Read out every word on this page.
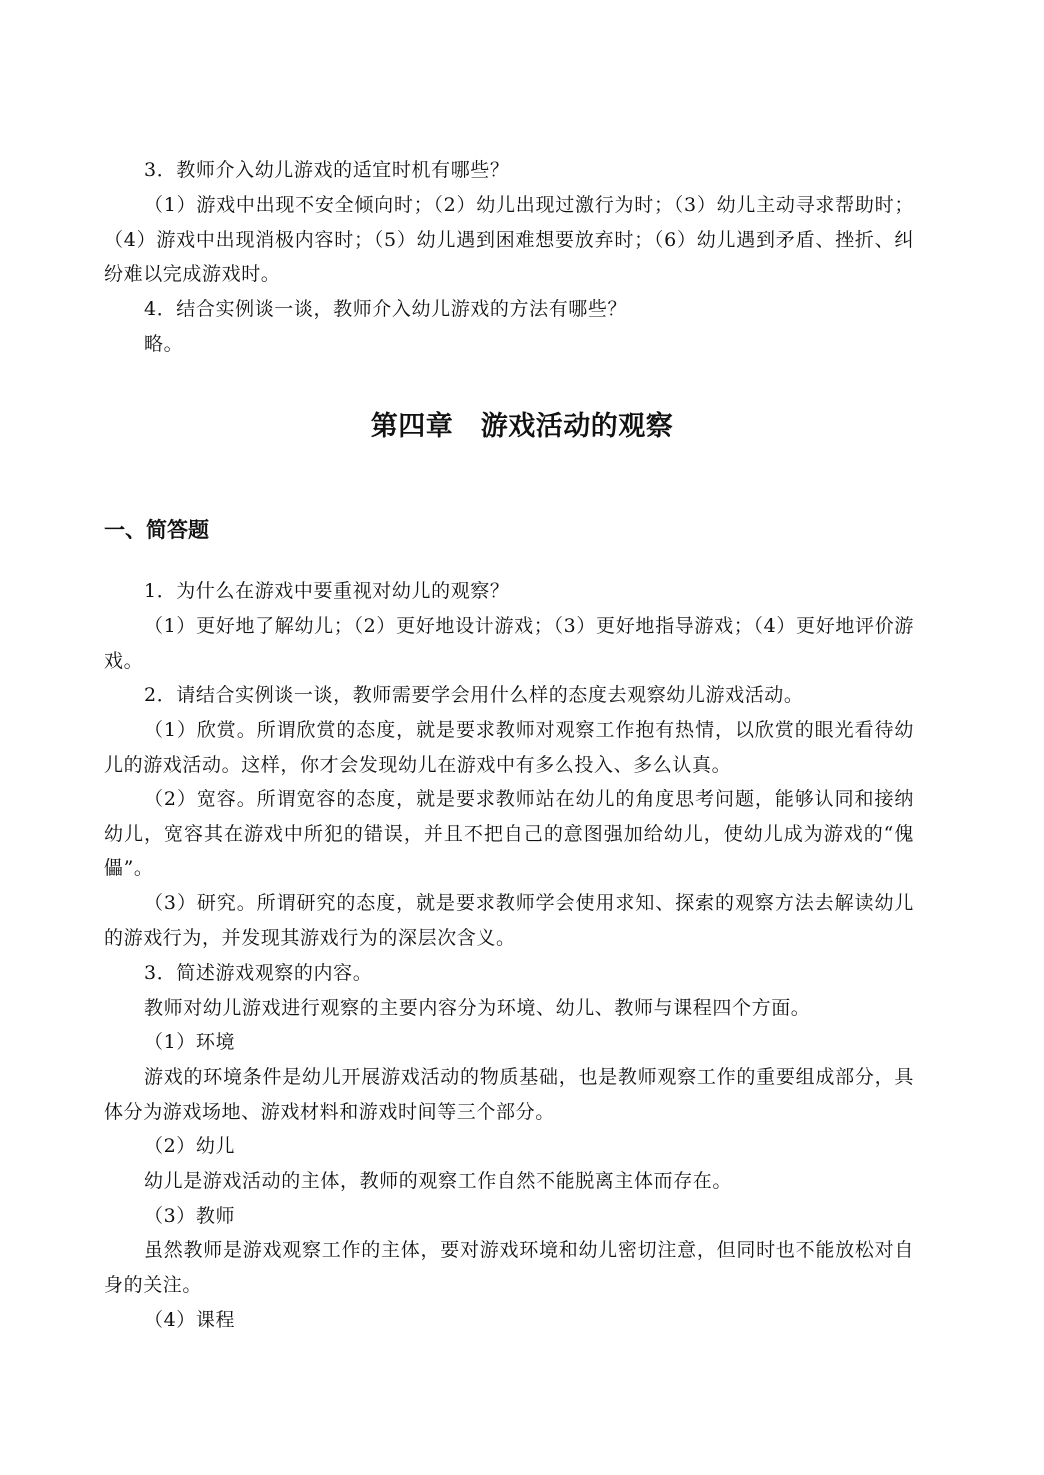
3．教师介入幼儿游戏的适宜时机有哪些？

（1）游戏中出现不安全倾向时；（2）幼儿出现过激行为时；（3）幼儿主动寻求帮助时；（4）游戏中出现消极内容时；（5）幼儿遇到困难想要放弃时；（6）幼儿遇到矛盾、挫折、纠纷难以完成游戏时。

4．结合实例谈一谈，教师介入幼儿游戏的方法有哪些？

略。

第四章　游戏活动的观察
一、简答题

1．为什么在游戏中要重视对幼儿的观察？

（1）更好地了解幼儿；（2）更好地设计游戏；（3）更好地指导游戏；（4）更好地评价游戏。

2．请结合实例谈一谈，教师需要学会用什么样的态度去观察幼儿游戏活动。

（1）欣赏。所谓欣赏的态度，就是要求教师对观察工作抱有热情，以欣赏的眼光看待幼儿的游戏活动。这样，你才会发现幼儿在游戏中有多么投入、多么认真。

（2）宽容。所谓宽容的态度，就是要求教师站在幼儿的角度思考问题，能够认同和接纳幼儿，宽容其在游戏中所犯的错误，并且不把自己的意图强加给幼儿，使幼儿成为游戏的“傀儡”。

（3）研究。所谓研究的态度，就是要求教师学会使用求知、探索的观察方法去解读幼儿的游戏行为，并发现其游戏行为的深层次含义。

3．简述游戏观察的内容。

教师对幼儿游戏进行观察的主要内容分为环境、幼儿、教师与课程四个方面。

（1）环境

游戏的环境条件是幼儿开展游戏活动的物质基础，也是教师观察工作的重要组成部分，具体分为游戏场地、游戏材料和游戏时间等三个部分。

（2）幼儿

幼儿是游戏活动的主体，教师的观察工作自然不能脱离主体而存在。

（3）教师

虽然教师是游戏观察工作的主体，要对游戏环境和幼儿密切注意，但同时也不能放松对自身的关注。

（4）课程
